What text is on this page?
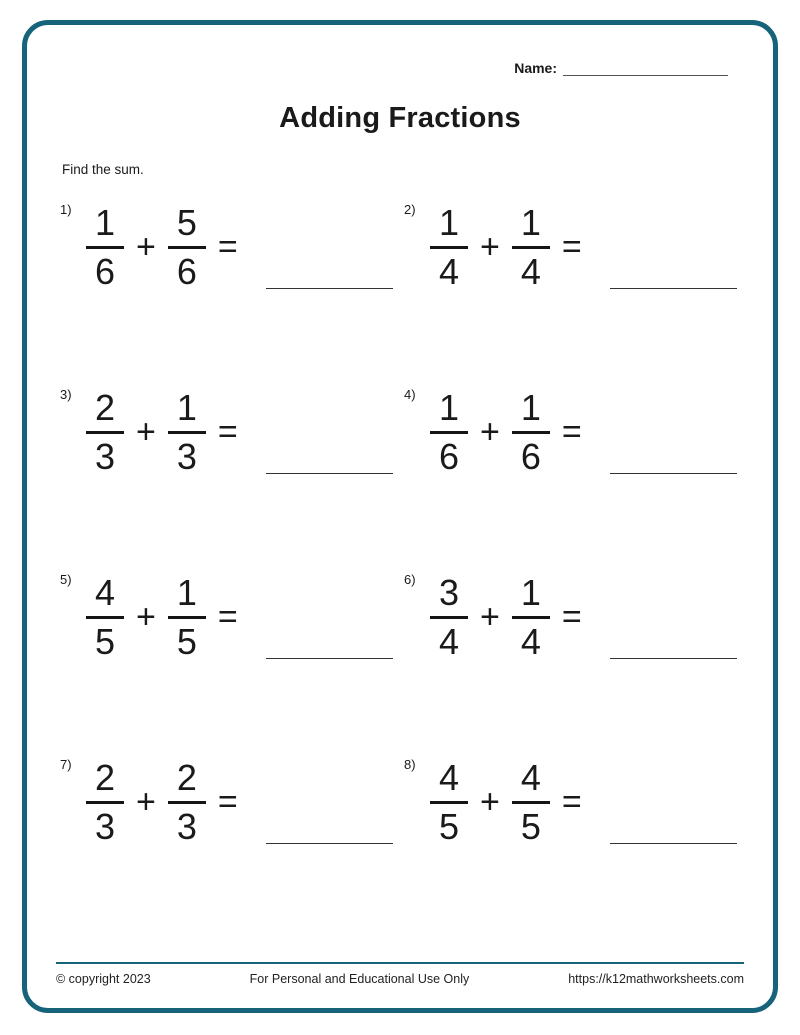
Name:
Adding Fractions
Find the sum.
$1) \frac{1}{6} + \frac{5}{6}$ =
$2) \frac{1}{4} + \frac{1}{4}$ =
$3) \frac{2}{3} + \frac{1}{3}$ =
$4) \frac{1}{6} + \frac{1}{6}$ =
$5) \frac{4}{5} + \frac{1}{5}$ =
$6) \frac{3}{4} + \frac{1}{4}$ =
$7) \frac{2}{3} + \frac{2}{3}$ =
$8) \frac{4}{5} + \frac{4}{5}$ =
© copyright 2023	For Personal and Educational Use Only	https://k12mathworksheets.com
